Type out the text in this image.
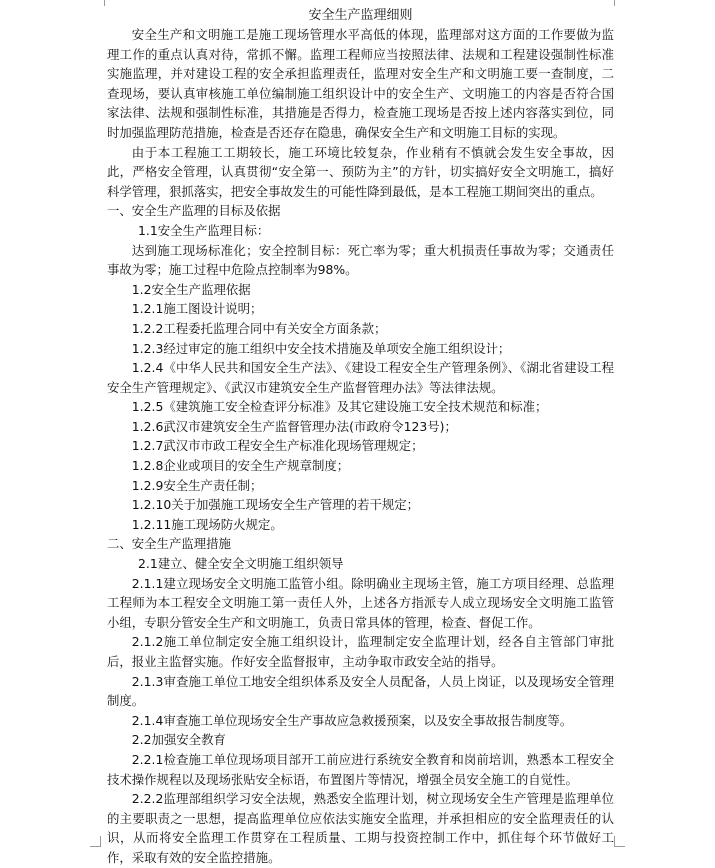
安全生产监理细则

安全生产和文明施工是施工现场管理水平高低的体现，监理部对这方面的工作要做为监理工作的重点认真对待，常抓不懈。监理工程师应当按照法律、法规和工程建设强制性标准实施监理，并对建设工程的安全承担监理责任，监理对安全生产和文明施工要一查制度，二查现场，要认真审核施工单位编制施工组织设计中的安全生产、文明施工的内容是否符合国家法律、法规和强制性标准，其措施是否得力，检查施工现场是否按上述内容落实到位，同时加强监理防范措施，检查是否还存在隐患，确保安全生产和文明施工目标的实现。

由于本工程施工工期较长，施工环境比较复杂，作业稍有不慎就会发生安全事故，因此，严格安全管理，认真贯彻“安全第一、预防为主”的方针，切实搞好安全文明施工，搞好科学管理，狠抓落实，把安全事故发生的可能性降到最低，是本工程施工期间突出的重点。

一、安全生产监理的目标及依据

1.1安全生产监理目标：

达到施工现场标准化；安全控制目标：死亡率为零；重大机损责任事故为零；交通责任事故为零；施工过程中危险点控制率为98%。

1.2安全生产监理依据

1.2.1施工图设计说明；

1.2.2工程委托监理合同中有关安全方面条款；

1.2.3经过审定的施工组织中安全技术措施及单项安全施工组织设计；

1.2.4《中华人民共和国安全生产法》、《建设工程安全生产管理条例》、《湖北省建设工程安全生产管理规定》、《武汉市建筑安全生产监督管理办法》等法律法规。

1.2.5《建筑施工安全检查评分标准》及其它建设施工安全技术规范和标准；

1.2.6武汉市建筑安全生产监督管理办法(市政府令123号)；

1.2.7武汉市市政工程安全生产标准化现场管理规定；

1.2.8企业或项目的安全生产规章制度；

1.2.9安全生产责任制；

1.2.10关于加强施工现场安全生产管理的若干规定；

1.2.11施工现场防火规定。

二、安全生产监理措施

2.1建立、健全安全文明施工组织领导

2.1.1建立现场安全文明施工监管小组。除明确业主现场主管，施工方项目经理、总监理工程师为本工程安全文明施工第一责任人外，上述各方指派专人成立现场安全文明施工监管小组，专职分管安全生产和文明施工，负责日常具体的管理，检查、督促工作。

2.1.2施工单位制定安全施工组织设计，监理制定安全监理计划，经各自主管部门审批后，报业主监督实施。作好安全监督报审，主动争取市政安全站的指导。

2.1.3审查施工单位工地安全组织体系及安全人员配备，人员上岗证，以及现场安全管理制度。

2.1.4审查施工单位现场安全生产事故应急救援预案，以及安全事故报告制度等。

2.2加强安全教育

2.2.1检查施工单位现场项目部开工前应进行系统安全教育和岗前培训，熟悉本工程安全技术操作规程以及现场张贴安全标语，布置图片等情况，增强全员安全施工的自觉性。

2.2.2监理部组织学习安全法规，熟悉安全监理计划，树立现场安全生产管理是监理单位的主要职责之一思想，提高监理单位应依法实施安全监理，并承担相应的安全监理责任的认识，从而将安全监理工作贯穿在工程质量、工期与投资控制工作中，抓住每个环节做好工作，采取有效的安全监控措施。
